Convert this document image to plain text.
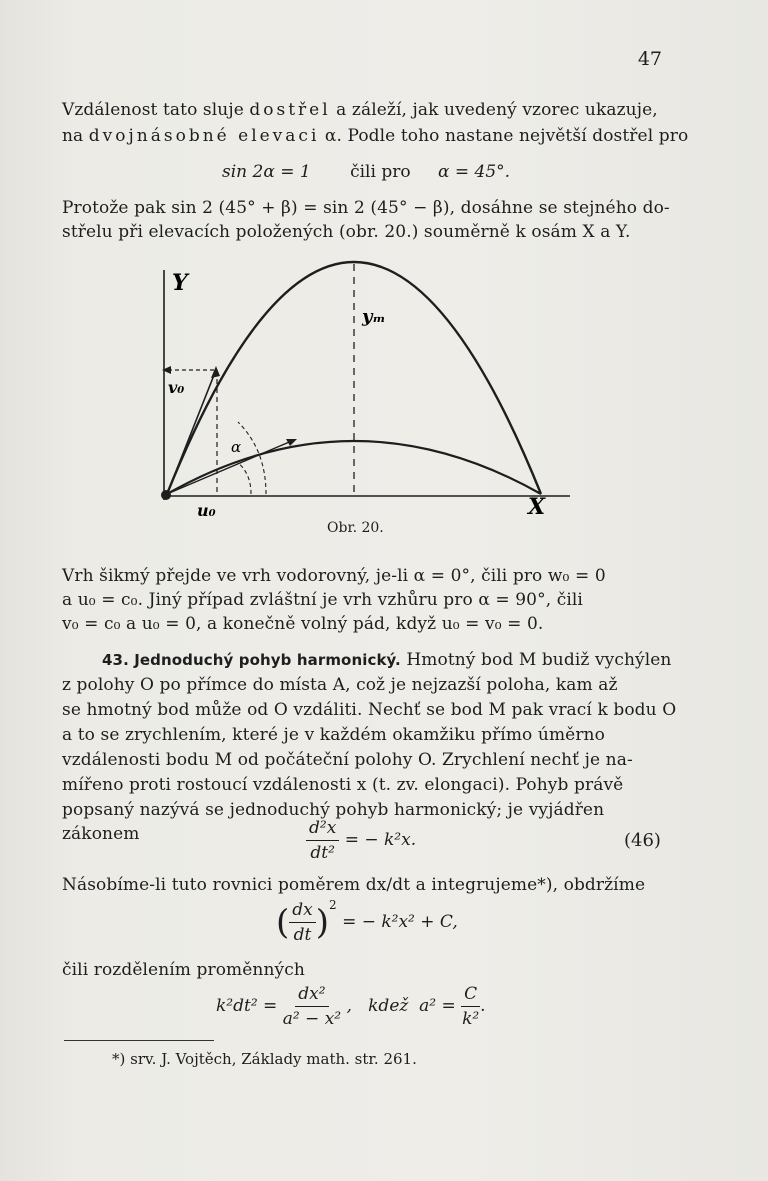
47
Vzdálenost tato sluje dostřel a záleží, jak uvedený vzorec ukazuje,
na dvojnásobné elevaci α. Podle toho nastane největší dostřel pro
sin 2α = 1 čili pro α = 45°.
Protože pak sin 2 (45° + β) = sin 2 (45° − β), dosáhne se stejného do-
střelu při elevacích položených (obr. 20.) souměrně k osám X a Y.
Y
X
v₀
u₀
yₘ
α
Obr. 20.
Vrh šikmý přejde ve vrh vodorovný, je-li α = 0°, čili pro w₀ = 0
a u₀ = c₀. Jiný případ zvláštní je vrh vzhůru pro α = 90°, čili
v₀ = c₀ a u₀ = 0, a konečně volný pád, když u₀ = v₀ = 0.
43. Jednoduchý pohyb harmonický. Hmotný bod M budiž vychýlen
z polohy O po přímce do místa A, což je nejzazší poloha, kam až
se hmotný bod může od O vzdáliti. Nechť se bod M pak vrací k bodu O
a to se zrychlením, které je v každém okamžiku přímo úměrno
vzdálenosti bodu M od počáteční polohy O. Zrychlení nechť je na-
mířeno proti rostoucí vzdálenosti x (t. zv. elongaci). Pohyb právě
popsaný nazývá se jednoduchý pohyb harmonický; je vyjádřen
zákonem	$\frac{\text{d²x}}{\text{dt²}}$ = − k²x.	(46)
Násobíme-li tuto rovnici poměrem dx/dt a integrujeme*), obdržíme
( $\frac{dx}{dt} )^2$ = − k²x² + C,
čili rozdělením proměnných
$k^2dt^2 = \frac{\text{dx²}}{\text{a² − x²}}$ ,   kdež  $a^2 = \frac{C}{\text{k²}}$ .
*) srv. J. Vojtěch, Základy math. str. 261.
